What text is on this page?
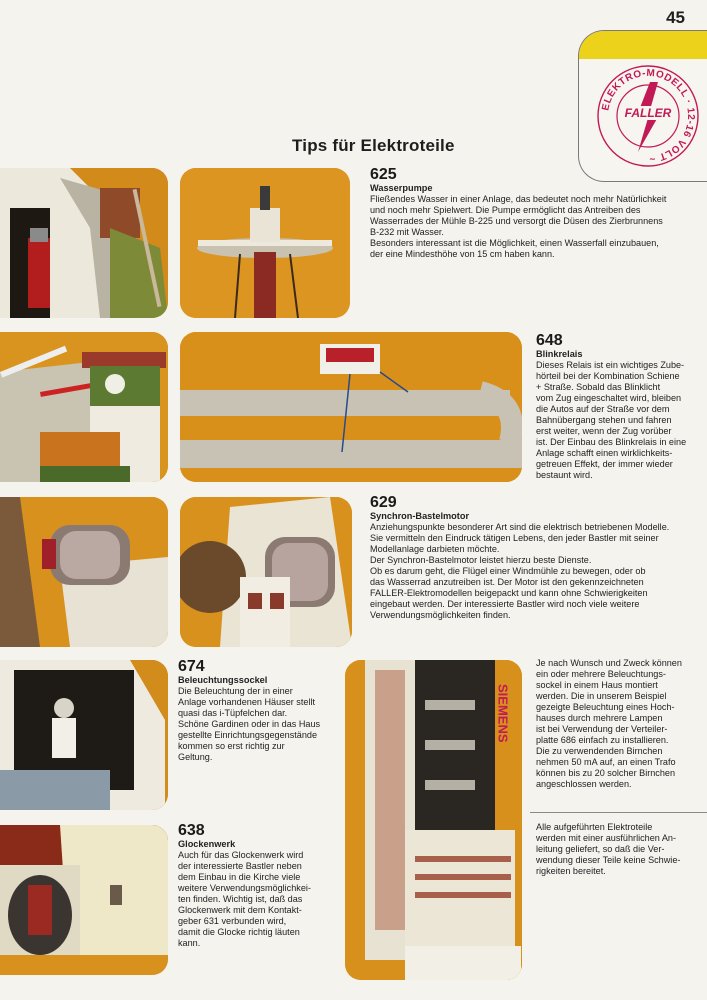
45
ELEKTRO-MODELL · 12-16 VOLT ~
FALLER
Tips für Elektroteile
625
Wasserpumpe

Fließendes Wasser in einer Anlage, das bedeutet noch mehr Natürlichkeit
und noch mehr Spielwert. Die Pumpe ermöglicht das Antreiben des
Wasserrades der Mühle B-225 und versorgt die Düsen des Zierbrunnens
B-232 mit Wasser.
Besonders interessant ist die Möglichkeit, einen Wasserfall einzubauen,
der eine Mindesthöhe von 15 cm haben kann.

648
Blinkrelais

Dieses Relais ist ein wichtiges Zube-
hörteil bei der Kombination Schiene
+ Straße. Sobald das Blinklicht
vom Zug eingeschaltet wird, bleiben
die Autos auf der Straße vor dem
Bahnübergang stehen und fahren
erst weiter, wenn der Zug vorüber
ist. Der Einbau des Blinkrelais in eine
Anlage schafft einen wirklichkeits-
getreuen Effekt, der immer wieder
bestaunt wird.

629
Synchron-Bastelmotor

Anziehungspunkte besonderer Art sind die elektrisch betriebenen Modelle.
Sie vermitteln den Eindruck tätigen Lebens, den jeder Bastler mit seiner
Modellanlage darbieten möchte.
Der Synchron-Bastelmotor leistet hierzu beste Dienste.
Ob es darum geht, die Flügel einer Windmühle zu bewegen, oder ob
das Wasserrad anzutreiben ist. Der Motor ist den gekennzeichneten
FALLER-Elektromodellen beigepackt und kann ohne Schwierigkeiten
eingebaut werden. Der interessierte Bastler wird noch viele weitere
Verwendungsmöglichkeiten finden.

674
Beleuchtungssockel

Die Beleuchtung der in einer
Anlage vorhandenen Häuser stellt
quasi das i-Tüpfelchen dar.
Schöne Gardinen oder in das Haus
gestellte Einrichtungsgegenstände
kommen so erst richtig zur
Geltung.

SIEMENS

Je nach Wunsch und Zweck können
ein oder mehrere Beleuchtungs-
sockel in einem Haus montiert
werden. Die in unserem Beispiel
gezeigte Beleuchtung eines Hoch-
hauses durch mehrere Lampen
ist bei Verwendung der Verteiler-
platte 686 einfach zu installieren.
Die zu verwendenden Birnchen
nehmen 50 mA auf, an einen Trafo
können bis zu 20 solcher Birnchen
angeschlossen werden.

638
Glockenwerk

Auch für das Glockenwerk wird
der interessierte Bastler neben
dem Einbau in die Kirche viele
weitere Verwendungsmöglichkei-
ten finden. Wichtig ist, daß das
Glockenwerk mit dem Kontakt-
geber 631 verbunden wird,
damit die Glocke richtig läuten
kann.

Alle aufgeführten Elektroteile
werden mit einer ausführlichen An-
leitung geliefert, so daß die Ver-
wendung dieser Teile keine Schwie-
rigkeiten bereitet.
